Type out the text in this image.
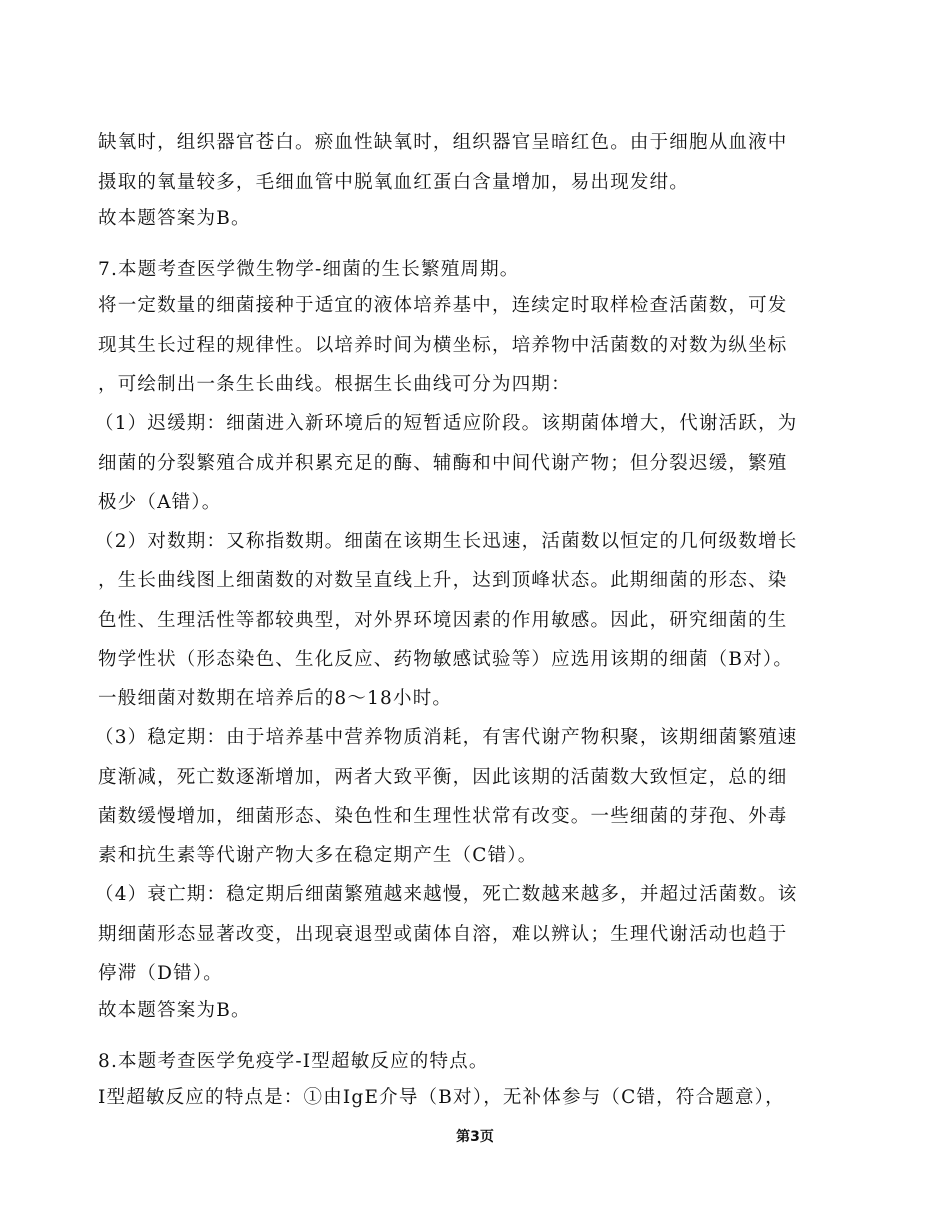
缺氧时，组织器官苍白。瘀血性缺氧时，组织器官呈暗红色。由于细胞从血液中
摄取的氧量较多，毛细血管中脱氧血红蛋白含量增加，易出现发绀。
故本题答案为B。
7.本题考查医学微生物学-细菌的生长繁殖周期。
将一定数量的细菌接种于适宜的液体培养基中，连续定时取样检查活菌数，可发
现其生长过程的规律性。以培养时间为横坐标，培养物中活菌数的对数为纵坐标
，可绘制出一条生长曲线。根据生长曲线可分为四期：
（1）迟缓期：细菌进入新环境后的短暂适应阶段。该期菌体增大，代谢活跃，为
细菌的分裂繁殖合成并积累充足的酶、辅酶和中间代谢产物；但分裂迟缓，繁殖
极少（A错）。
（2）对数期：又称指数期。细菌在该期生长迅速，活菌数以恒定的几何级数增长
，生长曲线图上细菌数的对数呈直线上升，达到顶峰状态。此期细菌的形态、染
色性、生理活性等都较典型，对外界环境因素的作用敏感。因此，研究细菌的生
物学性状（形态染色、生化反应、药物敏感试验等）应选用该期的细菌（B对）。
一般细菌对数期在培养后的8～18小时。
（3）稳定期：由于培养基中营养物质消耗，有害代谢产物积聚，该期细菌繁殖速
度渐减，死亡数逐渐增加，两者大致平衡，因此该期的活菌数大致恒定，总的细
菌数缓慢增加，细菌形态、染色性和生理性状常有改变。一些细菌的芽孢、外毒
素和抗生素等代谢产物大多在稳定期产生（C错）。
（4）衰亡期：稳定期后细菌繁殖越来越慢，死亡数越来越多，并超过活菌数。该
期细菌形态显著改变，出现衰退型或菌体自溶，难以辨认；生理代谢活动也趋于
停滞（D错）。
故本题答案为B。
8.本题考查医学免疫学-Ⅰ型超敏反应的特点。
Ⅰ型超敏反应的特点是：①由IgE介导（B对），无补体参与（C错，符合题意），
第3页
